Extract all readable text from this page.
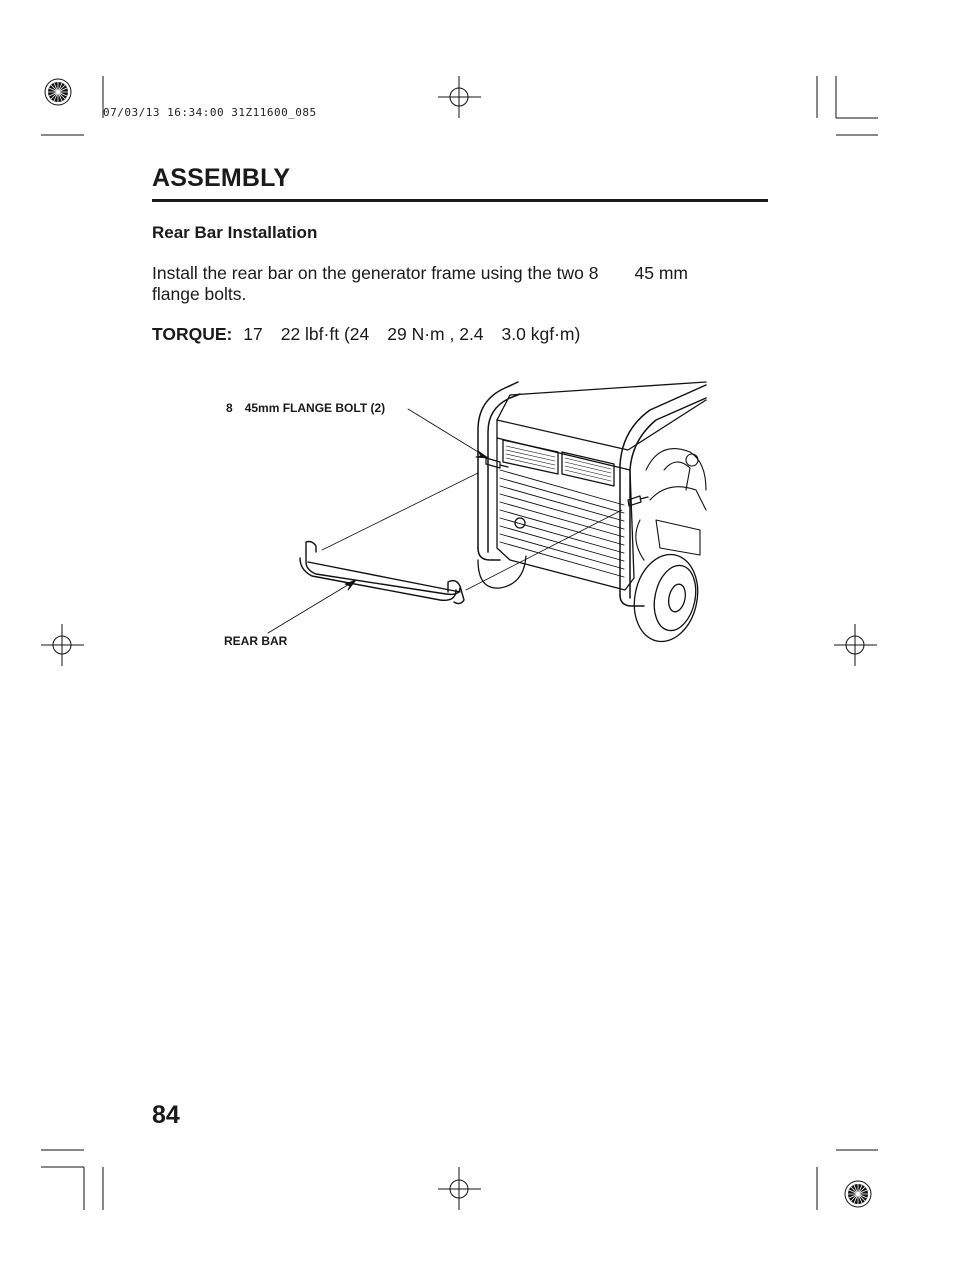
07/03/13 16:34:00 31Z11600_085
ASSEMBLY
Rear Bar Installation
Install the rear bar on the generator frame using the two 8 45 mm
flange bolts.
TORQUE: 17 22 lbf·ft (24 29 N·m , 2.4 3.0 kgf·m)
8 45mm FLANGE BOLT (2)
REAR BAR
84
